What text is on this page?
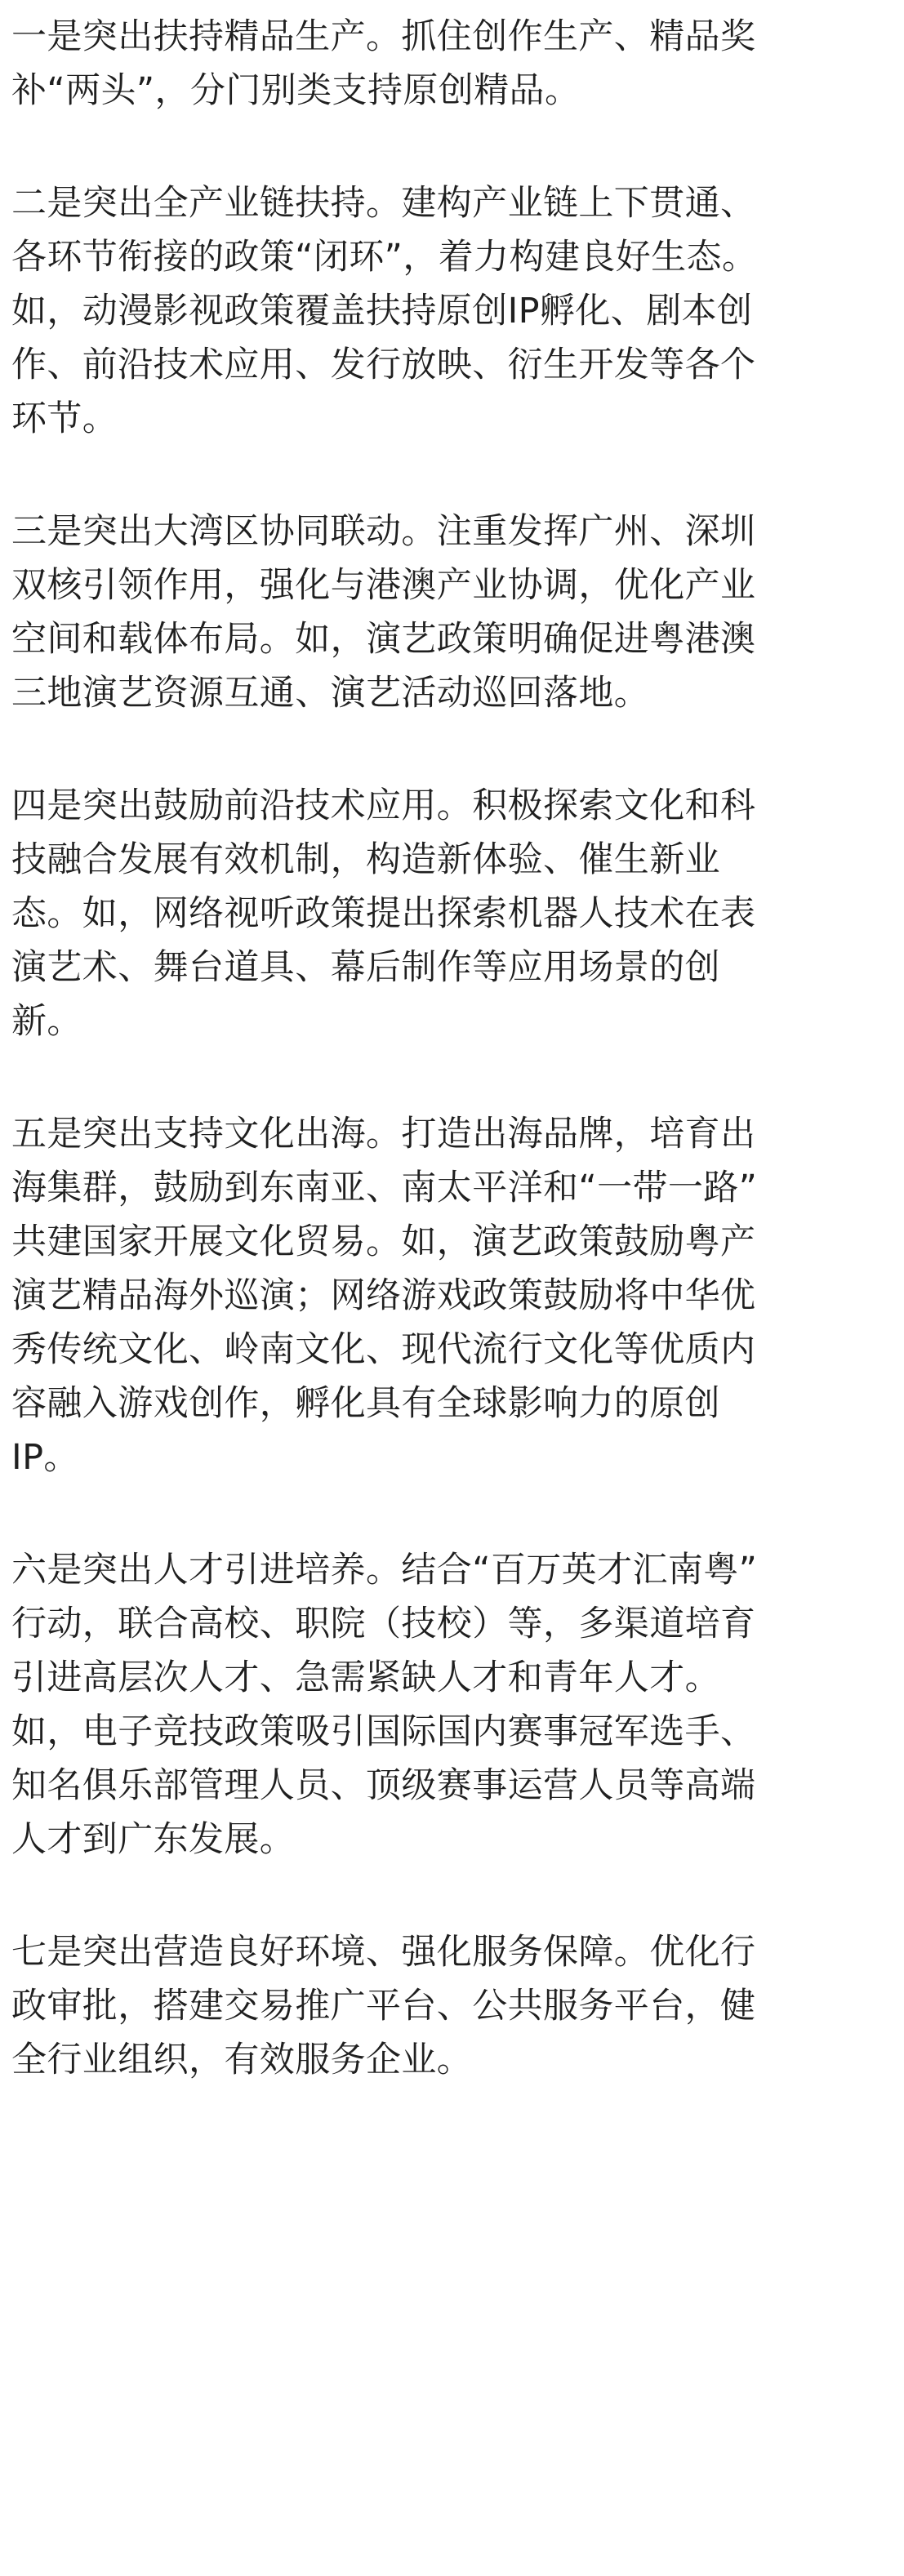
一是突出扶持精品生产。抓住创作生产、精品奖
补“两头”，分门别类支持原创精品。

二是突出全产业链扶持。建构产业链上下贯通、
各环节衔接的政策“闭环”，着力构建良好生态。
如，动漫影视政策覆盖扶持原创IP孵化、剧本创
作、前沿技术应用、发行放映、衍生开发等各个
环节。

三是突出大湾区协同联动。注重发挥广州、深圳
双核引领作用，强化与港澳产业协调，优化产业
空间和载体布局。如，演艺政策明确促进粤港澳
三地演艺资源互通、演艺活动巡回落地。

四是突出鼓励前沿技术应用。积极探索文化和科
技融合发展有效机制，构造新体验、催生新业
态。如，网络视听政策提出探索机器人技术在表
演艺术、舞台道具、幕后制作等应用场景的创
新。

五是突出支持文化出海。打造出海品牌，培育出
海集群，鼓励到东南亚、南太平洋和“一带一路”
共建国家开展文化贸易。如，演艺政策鼓励粤产
演艺精品海外巡演；网络游戏政策鼓励将中华优
秀传统文化、岭南文化、现代流行文化等优质内
容融入游戏创作，孵化具有全球影响力的原创
IP。

六是突出人才引进培养。结合“百万英才汇南粤”
行动，联合高校、职院（技校）等，多渠道培育
引进高层次人才、急需紧缺人才和青年人才。
如，电子竞技政策吸引国际国内赛事冠军选手、
知名俱乐部管理人员、顶级赛事运营人员等高端
人才到广东发展。

七是突出营造良好环境、强化服务保障。优化行
政审批，搭建交易推广平台、公共服务平台，健
全行业组织，有效服务企业。
